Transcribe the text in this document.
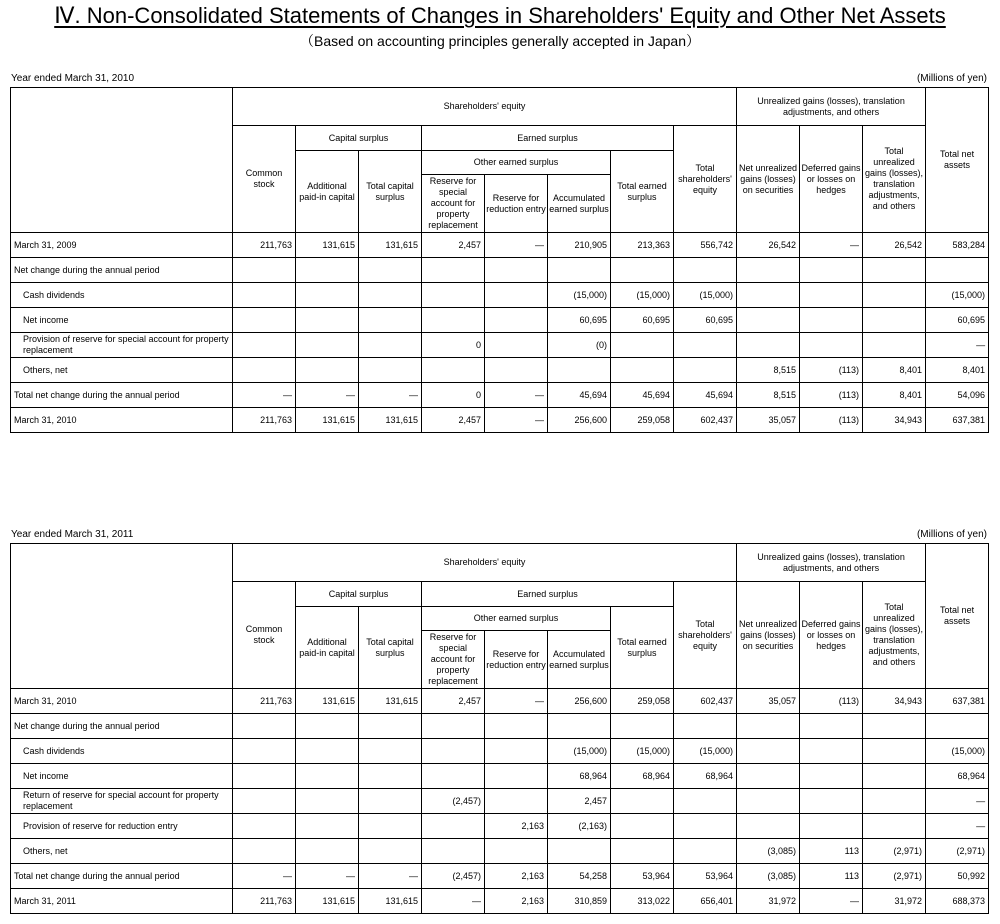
Ⅳ. Non-Consolidated Statements of Changes in Shareholders' Equity and Other Net Assets
（Based on accounting principles generally accepted in Japan）
Year ended March 31, 2010	(Millions of yen)
Year ended March 31, 2011	(Millions of yen)
	Shareholders' equity								Unrealized gains (losses), translation adjustments, and others			Total net assets
	Common stock	Capital surplus		Earned surplus				Total shareholders' equity	Net unrealized gains (losses) on securities	Deferred gains or losses on hedges	Total unrealized gains (losses), translation adjustments, and others	
		Additional paid-in capital	Total capital surplus	Other earned surplus			Total earned surplus					
				Reserve for special account for property replacement	Reserve for reduction entry	Accumulated earned surplus						
March 31, 2009	211,763	131,615	131,615	2,457	―	210,905	213,363	556,742	26,542	―	26,542	583,284
Net change during the annual period												
Cash dividends						(15,000)	(15,000)	(15,000)				(15,000)
Net income						60,695	60,695	60,695				60,695
Provision of reserve for special account for property replacement				0		(0)						―
Others, net									8,515	(113)	8,401	8,401
Total net change during the annual period	―	―	―	0	―	45,694	45,694	45,694	8,515	(113)	8,401	54,096
March 31, 2010	211,763	131,615	131,615	2,457	―	256,600	259,058	602,437	35,057	(113)	34,943	637,381
	Shareholders' equity								Unrealized gains (losses), translation adjustments, and others			Total net assets
	Common stock	Capital surplus		Earned surplus				Total shareholders' equity	Net unrealized gains (losses) on securities	Deferred gains or losses on hedges	Total unrealized gains (losses), translation adjustments, and others	
		Additional paid-in capital	Total capital surplus	Other earned surplus			Total earned surplus					
				Reserve for special account for property replacement	Reserve for reduction entry	Accumulated earned surplus						
March 31, 2010	211,763	131,615	131,615	2,457	―	256,600	259,058	602,437	35,057	(113)	34,943	637,381
Net change during the annual period												
Cash dividends						(15,000)	(15,000)	(15,000)				(15,000)
Net income						68,964	68,964	68,964				68,964
Return of reserve for special account for property replacement				(2,457)		2,457						―
Provision of reserve for reduction entry					2,163	(2,163)						―
Others, net									(3,085)	113	(2,971)	(2,971)
Total net change during the annual period	―	―	―	(2,457)	2,163	54,258	53,964	53,964	(3,085)	113	(2,971)	50,992
March 31, 2011	211,763	131,615	131,615	―	2,163	310,859	313,022	656,401	31,972	―	31,972	688,373
